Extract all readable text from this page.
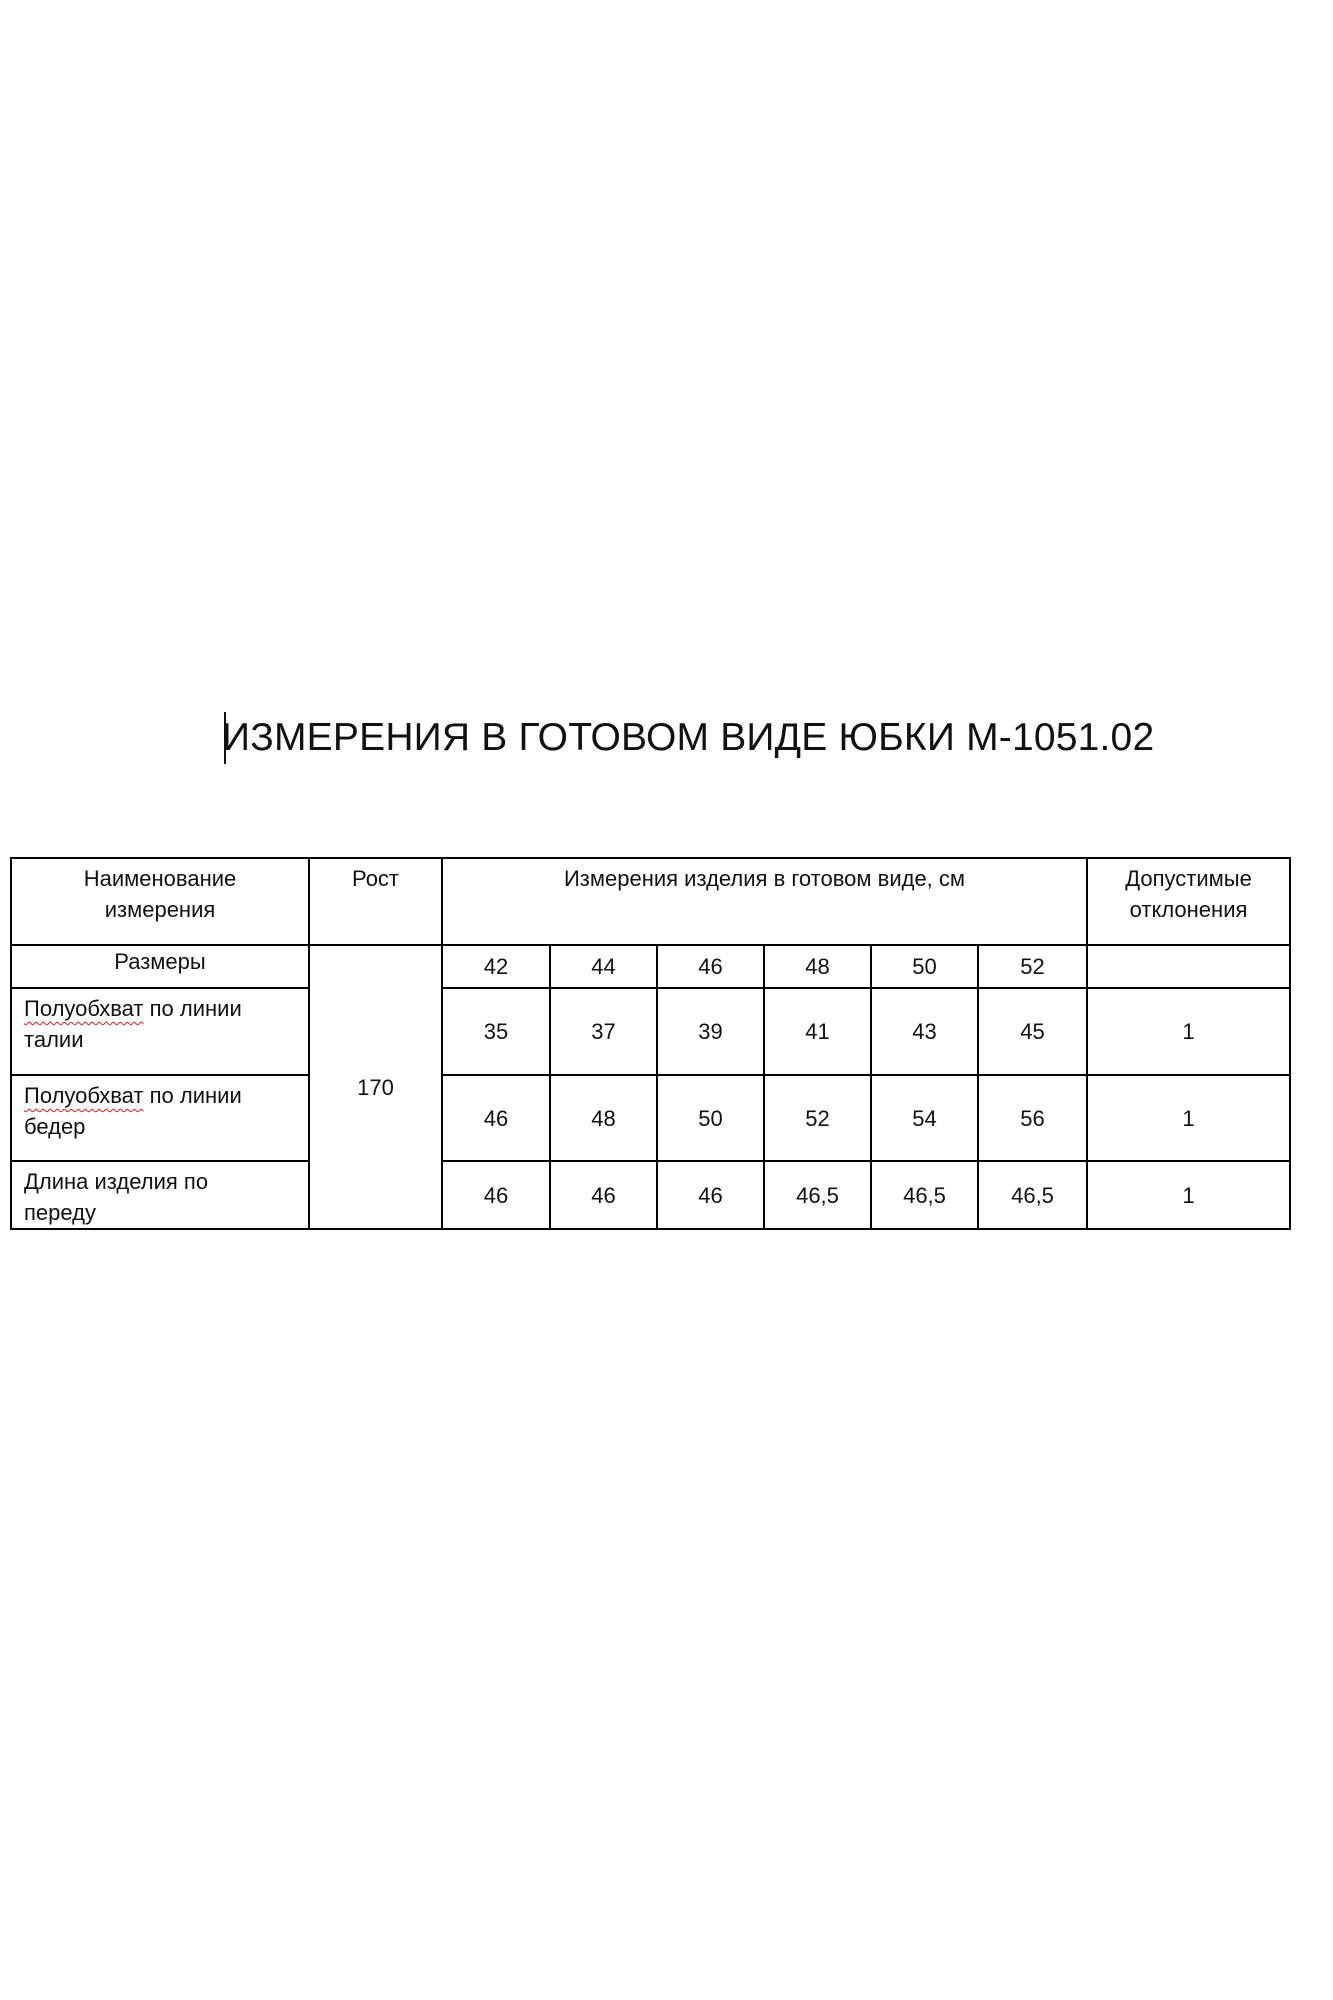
ИЗМЕРЕНИЯ В ГОТОВОМ ВИДЕ ЮБКИ М-1051.02
Наименование
измерения	Рост	Измерения изделия в готовом виде, см						Допустимые
отклонения

Размеры	170	42	44	46	48	50	52	

Полуобхват по линии
талии		35	37	39	41	43	45	1

Полуобхват по линии
бедер		46	48	50	52	54	56	1

Длина изделия по
переду		46	46	46	46,5	46,5	46,5	1
